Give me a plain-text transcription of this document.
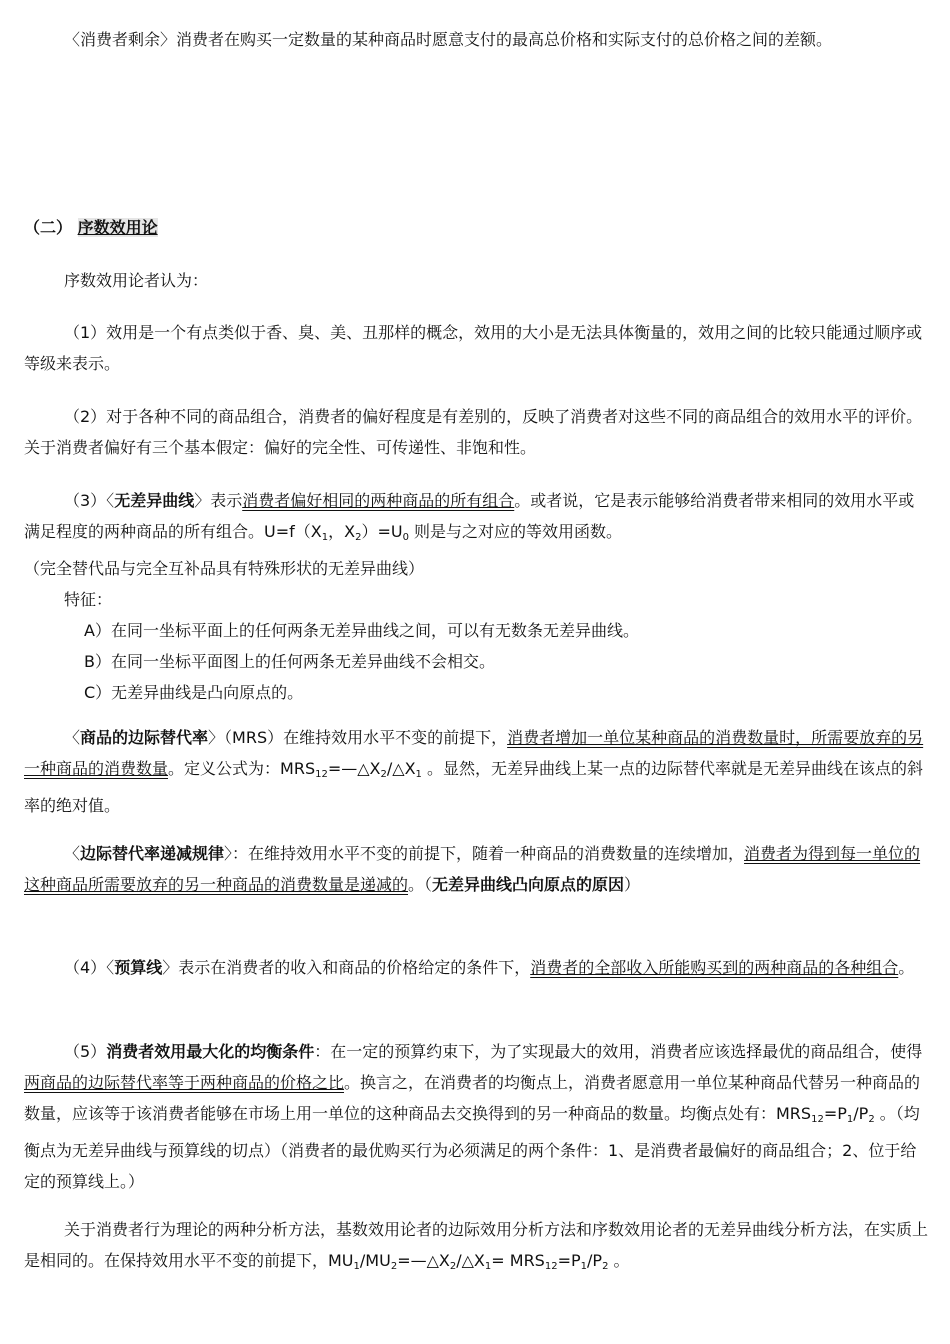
〈消费者剩余〉消费者在购买一定数量的某种商品时愿意支付的最高总价格和实际支付的总价格之间的差额。

（二） 序数效用论

序数效用论者认为：

（1）效用是一个有点类似于香、臭、美、丑那样的概念，效用的大小是无法具体衡量的，效用之间的比较只能通过顺序或等级来表示。

（2）对于各种不同的商品组合，消费者的偏好程度是有差别的，反映了消费者对这些不同的商品组合的效用水平的评价。关于消费者偏好有三个基本假定：偏好的完全性、可传递性、非饱和性。

（3）〈无差异曲线〉表示消费者偏好相同的两种商品的所有组合。或者说，它是表示能够给消费者带来相同的效用水平或满足程度的两种商品的所有组合。$U=f(X_1$，$X_2)=U_0$ 则是与之对应的等效用函数。

（完全替代品与完全互补品具有特殊形状的无差异曲线）

特征：

A）在同一坐标平面上的任何两条无差异曲线之间，可以有无数条无差异曲线。

B）在同一坐标平面图上的任何两条无差异曲线不会相交。

C）无差异曲线是凸向原点的。

〈商品的边际替代率〉（MRS）在维持效用水平不变的前提下，消费者增加一单位某种商品的消费数量时，所需要放弃的另一种商品的消费数量。定义公式为：$MRS_{12}=—\triangle X_2/\triangle X_1$ 。显然，无差异曲线上某一点的边际替代率就是无差异曲线在该点的斜率的绝对值。

〈边际替代率递减规律〉：在维持效用水平不变的前提下，随着一种商品的消费数量的连续增加，消费者为得到每一单位的这种商品所需要放弃的另一种商品的消费数量是递减的。（无差异曲线凸向原点的原因）

（4）〈预算线〉表示在消费者的收入和商品的价格给定的条件下，消费者的全部收入所能购买到的两种商品的各种组合。

（5）消费者效用最大化的均衡条件：在一定的预算约束下，为了实现最大的效用，消费者应该选择最优的商品组合，使得两商品的边际替代率等于两种商品的价格之比。换言之，在消费者的均衡点上，消费者愿意用一单位某种商品代替另一种商品的数量，应该等于该消费者能够在市场上用一单位的这种商品去交换得到的另一种商品的数量。均衡点处有：$MRS_{12}=P_1/P_2$ 。（均衡点为无差异曲线与预算线的切点）（消费者的最优购买行为必须满足的两个条件：1、是消费者最偏好的商品组合；2、位于给定的预算线上。）

关于消费者行为理论的两种分析方法，基数效用论者的边际效用分析方法和序数效用论者的无差异曲线分析方法，在实质上是相同的。在保持效用水平不变的前提下，$MU_1/MU_2=—\triangle X_2/\triangle X_1= MRS_{12}=P_1/P_2$ 。
